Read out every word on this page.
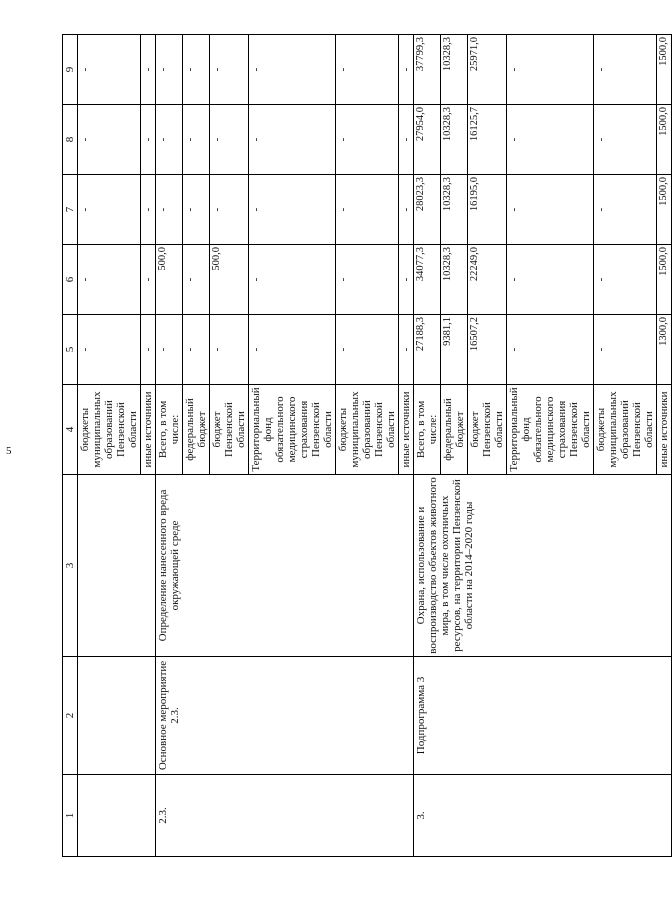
5
1	2	3	4	5	6	7	8	9
			бюджеты муниципальных образований Пензенской области	-	-	-	-	-
			иные источники	-	-	-	-	-
2.3.	Основное мероприятие 2.3.	Определение нанесенного вреда окружающей среде	Всего, в том числе:	-	500,0	-	-	-
			федеральный бюджет	-	-	-	-	-
			бюджет Пензенской области	-	500,0	-	-	-
			Территориальный фонд обязательного медицинского страхования Пензенской области	-	-	-	-	-
			бюджеты муниципальных образований Пензенской области	-	-	-	-	-
			иные источники	-	-	-	-	-
3.	Подпрограмма 3	Охрана, использование и воспроизводство объектов животного мира, в том числе охотничьих ресурсов, на территории Пензенской области на 2014–2020 годы	Всего, в том числе:	27188,3	34077,3	28023,3	27954,0	37799,3
			федеральный бюджет	9381,1	10328,3	10328,3	10328,3	10328,3
			бюджет Пензенской области	16507,2	22249,0	16195,0	16125,7	25971,0
			Территориальный фонд обязательного медицинского страхования Пензенской области	-	-	-	-	-
			бюджеты муниципальных образований Пензенской области	-	-	-	-	-
			иные источники	1300,0	1500,0	1500,0	1500,0	1500,0
